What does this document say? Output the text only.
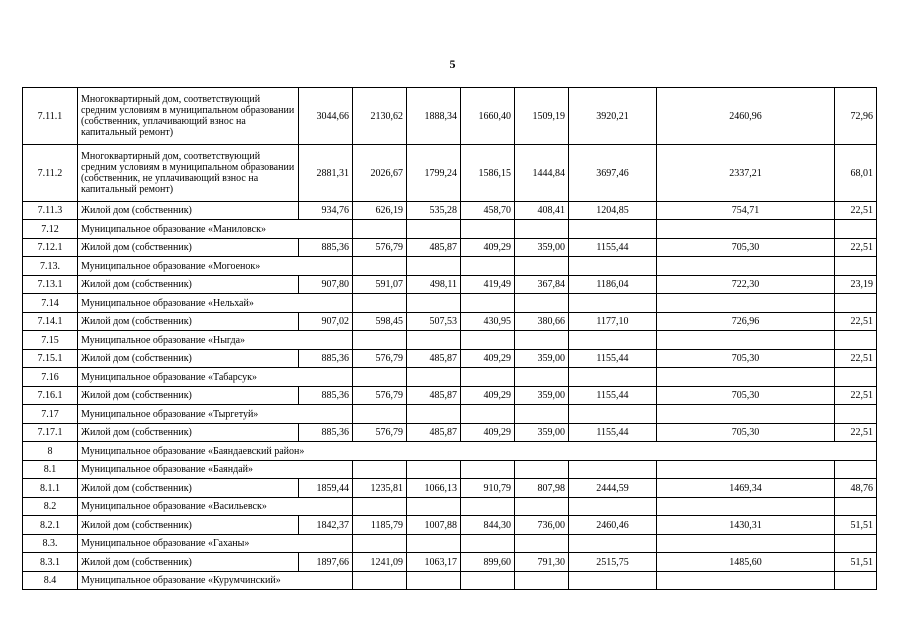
5
7.11.1	Многоквартирный дом, соответствующий средним условиям в муниципальном образовании (собственник, уплачивающий взнос на капитальный ремонт)	3044,66	2130,62	1888,34	1660,40	1509,19	3920,21	2460,96	72,96
7.11.2	Многоквартирный дом, соответствующий средним условиям в муниципальном образовании (собственник, не уплачивающий взнос на капитальный ремонт)	2881,31	2026,67	1799,24	1586,15	1444,84	3697,46	2337,21	68,01
7.11.3	Жилой дом (собственник)	934,76	626,19	535,28	458,70	408,41	1204,85	754,71	22,51
7.12	Муниципальное образование «Маниловск»								
7.12.1	Жилой дом (собственник)	885,36	576,79	485,87	409,29	359,00	1155,44	705,30	22,51
7.13.	Муниципальное образование «Могоенок»								
7.13.1	Жилой дом (собственник)	907,80	591,07	498,11	419,49	367,84	1186,04	722,30	23,19
7.14	Муниципальное образование «Нельхай»								
7.14.1	Жилой дом (собственник)	907,02	598,45	507,53	430,95	380,66	1177,10	726,96	22,51
7.15	Муниципальное образование «Ныгда»								
7.15.1	Жилой дом (собственник)	885,36	576,79	485,87	409,29	359,00	1155,44	705,30	22,51
7.16	Муниципальное образование «Табарсук»								
7.16.1	Жилой дом (собственник)	885,36	576,79	485,87	409,29	359,00	1155,44	705,30	22,51
7.17	Муниципальное образование «Тыргетуй»								
7.17.1	Жилой дом (собственник)	885,36	576,79	485,87	409,29	359,00	1155,44	705,30	22,51
8	Муниципальное образование «Баяндаевский район»								
8.1	Муниципальное образование «Баяндай»								
8.1.1	Жилой дом (собственник)	1859,44	1235,81	1066,13	910,79	807,98	2444,59	1469,34	48,76
8.2	Муниципальное образование «Васильевск»								
8.2.1	Жилой дом (собственник)	1842,37	1185,79	1007,88	844,30	736,00	2460,46	1430,31	51,51
8.3.	Муниципальное образование «Гаханы»								
8.3.1	Жилой дом (собственник)	1897,66	1241,09	1063,17	899,60	791,30	2515,75	1485,60	51,51
8.4	Муниципальное образование «Курумчинский»								
